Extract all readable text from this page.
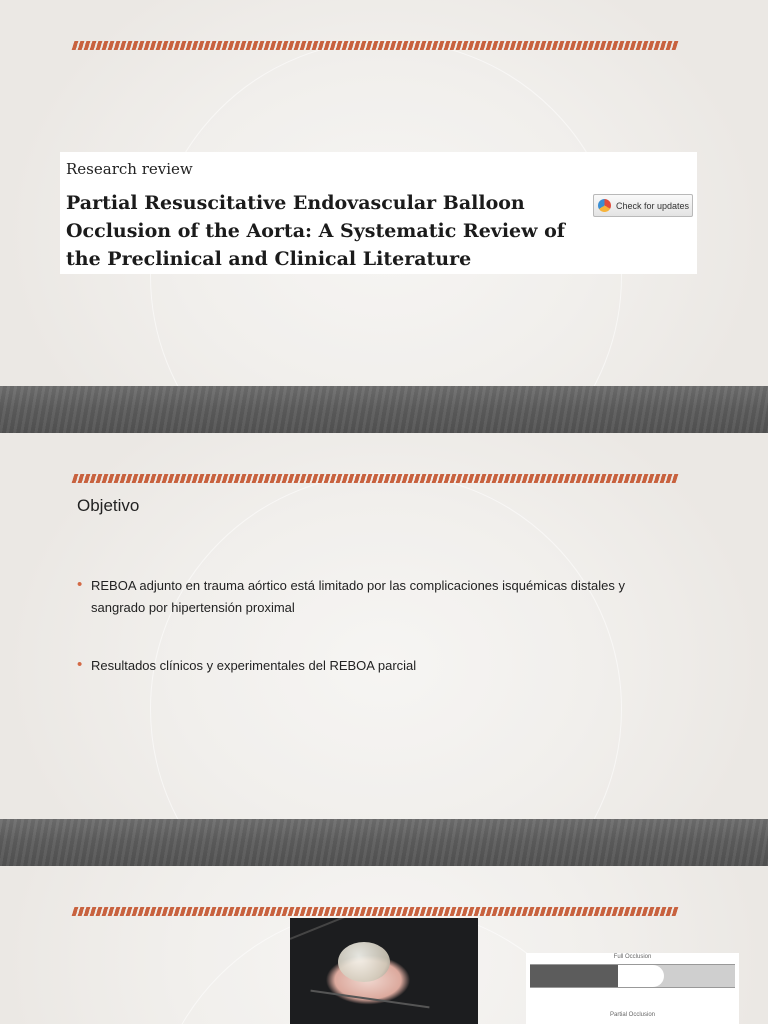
Research review
Partial Resuscitative Endovascular Balloon Occlusion of the Aorta: A Systematic Review of the Preclinical and Clinical Literature
Check for updates
Objetivo
• REBOA adjunto en trauma aórtico está limitado por las complicaciones isquémicas distales y sangrado por hipertensión proximal
• Resultados clínicos y experimentales del REBOA parcial
Full Occlusion
Partial Occlusion
